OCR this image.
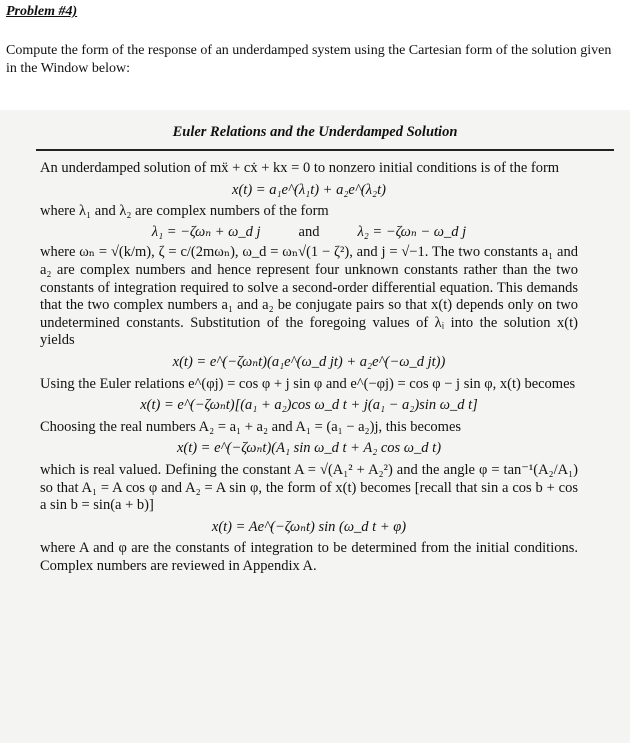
Problem #4)

Compute the form of the response of an underdamped system using the Cartesian form of the solution given in the Window below:

Euler Relations and the Underdamped Solution

An underdamped solution of mẍ + cẋ + kx = 0 to nonzero initial conditions is of the form

x(t) = a₁e^(λ₁t) + a₂e^(λ₂t)

where λ₁ and λ₂ are complex numbers of the form

λ₁ = −ζωₙ + ω_d j	and	λ₂ = −ζωₙ − ω_d j

where ωₙ = √(k/m), ζ = c/(2mωₙ), ω_d = ωₙ√(1 − ζ²), and j = √−1. The two constants a₁ and a₂ are complex numbers and hence represent four unknown constants rather than the two constants of integration required to solve a second-order differential equation. This demands that the two complex numbers a₁ and a₂ be conjugate pairs so that x(t) depends only on two undetermined constants. Substitution of the foregoing values of λᵢ into the solution x(t) yields

x(t) = e^(−ζωₙt)(a₁e^(ω_d jt) + a₂e^(−ω_d jt))

Using the Euler relations e^(φj) = cos φ + j sin φ and e^(−φj) = cos φ − j sin φ, x(t) becomes

x(t) = e^(−ζωₙt)[(a₁ + a₂)cos ω_d t + j(a₁ − a₂)sin ω_d t]

Choosing the real numbers A₂ = a₁ + a₂ and A₁ = (a₁ − a₂)j, this becomes

x(t) = e^(−ζωₙt)(A₁ sin ω_d t + A₂ cos ω_d t)

which is real valued. Defining the constant A = √(A₁² + A₂²) and the angle φ = tan⁻¹(A₂/A₁) so that A₁ = A cos φ and A₂ = A sin φ, the form of x(t) becomes [recall that sin a cos b + cos a sin b = sin(a + b)]

x(t) = Ae^(−ζωₙt) sin (ω_d t + φ)

where A and φ are the constants of integration to be determined from the initial conditions. Complex numbers are reviewed in Appendix A.
